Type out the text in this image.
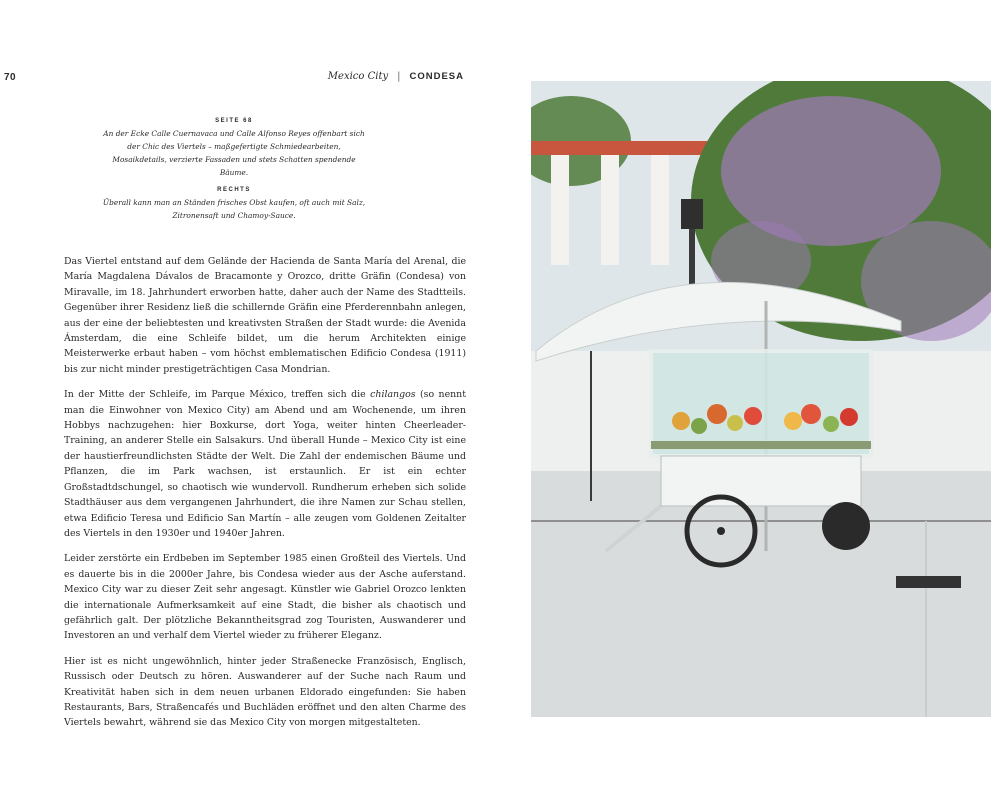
70	Mexico City | CONDESA
SEITE 68
An der Ecke Calle Cuernavaca und Calle Alfonso Reyes offenbart sich der Chic des Viertels – maßgefertigte Schmiedearbeiten, Mosaikdetails, verzierte Fassaden und stets Schatten spendende Bäume.
RECHTS
Überall kann man an Ständen frisches Obst kaufen, oft auch mit Salz, Zitronensaft und Chamoy-Sauce.

Das Viertel entstand auf dem Gelände der Hacienda de Santa María del Arenal, die María Magdalena Dávalos de Bracamonte y Orozco, dritte Gräfin (Condesa) von Miravalle, im 18. Jahrhundert erworben hatte, daher auch der Name des Stadtteils. Gegenüber ihrer Residenz ließ die schillernde Gräfin eine Pferderennbahn anlegen, aus der eine der beliebtesten und kreativsten Straßen der Stadt wurde: die Avenida Ámsterdam, die eine Schleife bildet, um die herum Architekten einige Meisterwerke erbaut haben – vom höchst emblematischen Edificio Condesa (1911) bis zur nicht minder prestigeträchtigen Casa Mondrian.

In der Mitte der Schleife, im Parque México, treffen sich die chilangos (so nennt man die Einwohner von Mexico City) am Abend und am Wochenende, um ihren Hobbys nachzugehen: hier Boxkurse, dort Yoga, weiter hinten Cheerleader-Training, an anderer Stelle ein Salsakurs. Und überall Hunde – Mexico City ist eine der haustierfreundlichsten Städte der Welt. Die Zahl der endemischen Bäume und Pflanzen, die im Park wachsen, ist erstaunlich. Er ist ein echter Großstadtdschungel, so chaotisch wie wundervoll. Rundherum erheben sich solide Stadthäuser aus dem vergangenen Jahrhundert, die ihre Namen zur Schau stellen, etwa Edificio Teresa und Edificio San Martín – alle zeugen vom Goldenen Zeitalter des Viertels in den 1930er und 1940er Jahren.

Leider zerstörte ein Erdbeben im September 1985 einen Großteil des Viertels. Und es dauerte bis in die 2000er Jahre, bis Condesa wieder aus der Asche auferstand. Mexico City war zu dieser Zeit sehr angesagt. Künstler wie Gabriel Orozco lenkten die internationale Aufmerksamkeit auf eine Stadt, die bisher als chaotisch und gefährlich galt. Der plötzliche Bekanntheitsgrad zog Touristen, Auswanderer und Investoren an und verhalf dem Viertel wieder zu früherer Eleganz.

Hier ist es nicht ungewöhnlich, hinter jeder Straßenecke Französisch, Englisch, Russisch oder Deutsch zu hören. Auswanderer auf der Suche nach Raum und Kreativität haben sich in dem neuen urbanen Eldorado eingefunden: Sie haben Restaurants, Bars, Straßencafés und Buchläden eröffnet und den alten Charme des Viertels bewahrt, während sie das Mexico City von morgen mitgestalteten.
